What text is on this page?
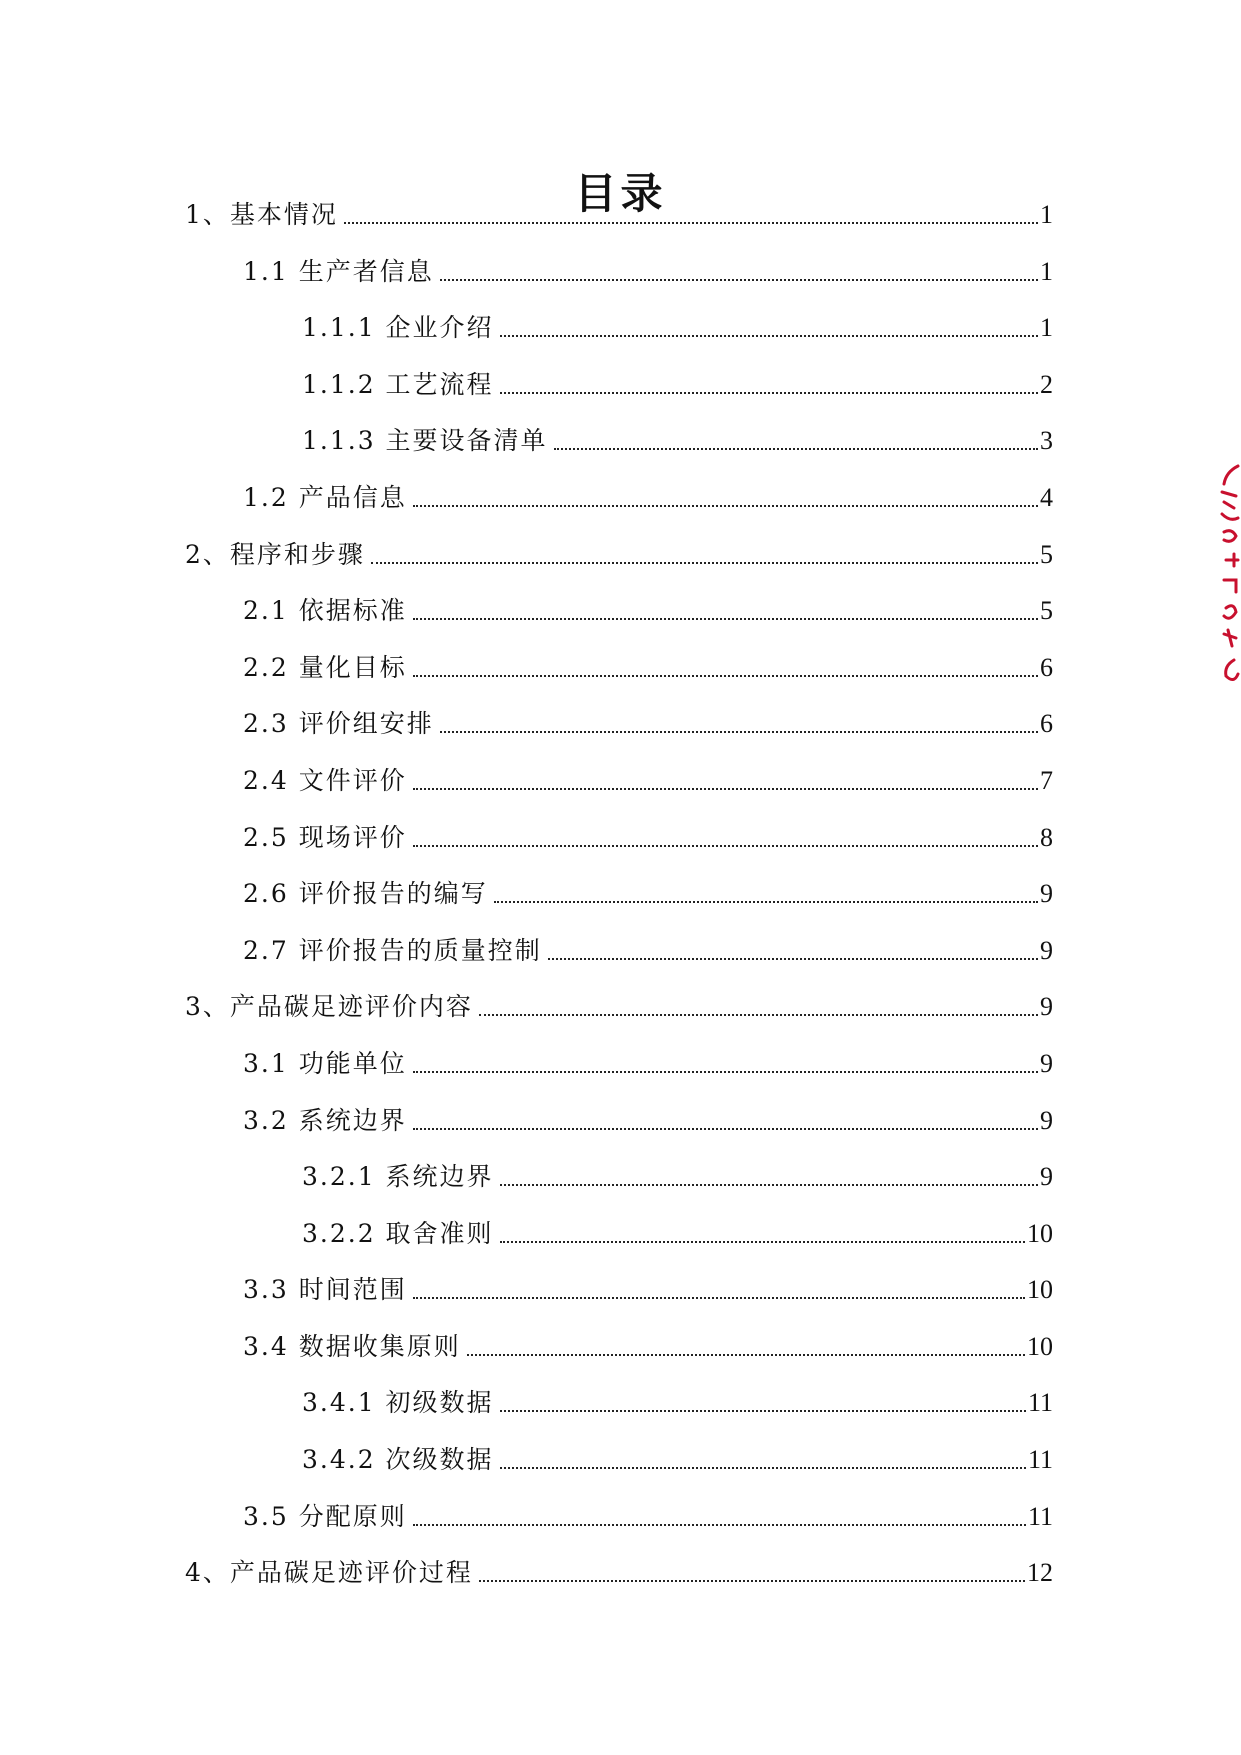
目录
1、基本情况	1
1.1 生产者信息	1
1.1.1 企业介绍	1
1.1.2 工艺流程	2
1.1.3 主要设备清单	3
1.2 产品信息	4
2、程序和步骤	5
2.1 依据标准	5
2.2 量化目标	6
2.3 评价组安排	6
2.4 文件评价	7
2.5 现场评价	8
2.6 评价报告的编写	9
2.7 评价报告的质量控制	9
3、产品碳足迹评价内容	9
3.1 功能单位	9
3.2 系统边界	9
3.2.1 系统边界	9
3.2.2 取舍准则	10
3.3 时间范围	10
3.4 数据收集原则	10
3.4.1 初级数据	11
3.4.2 次级数据	11
3.5 分配原则	11
4、产品碳足迹评价过程	12
